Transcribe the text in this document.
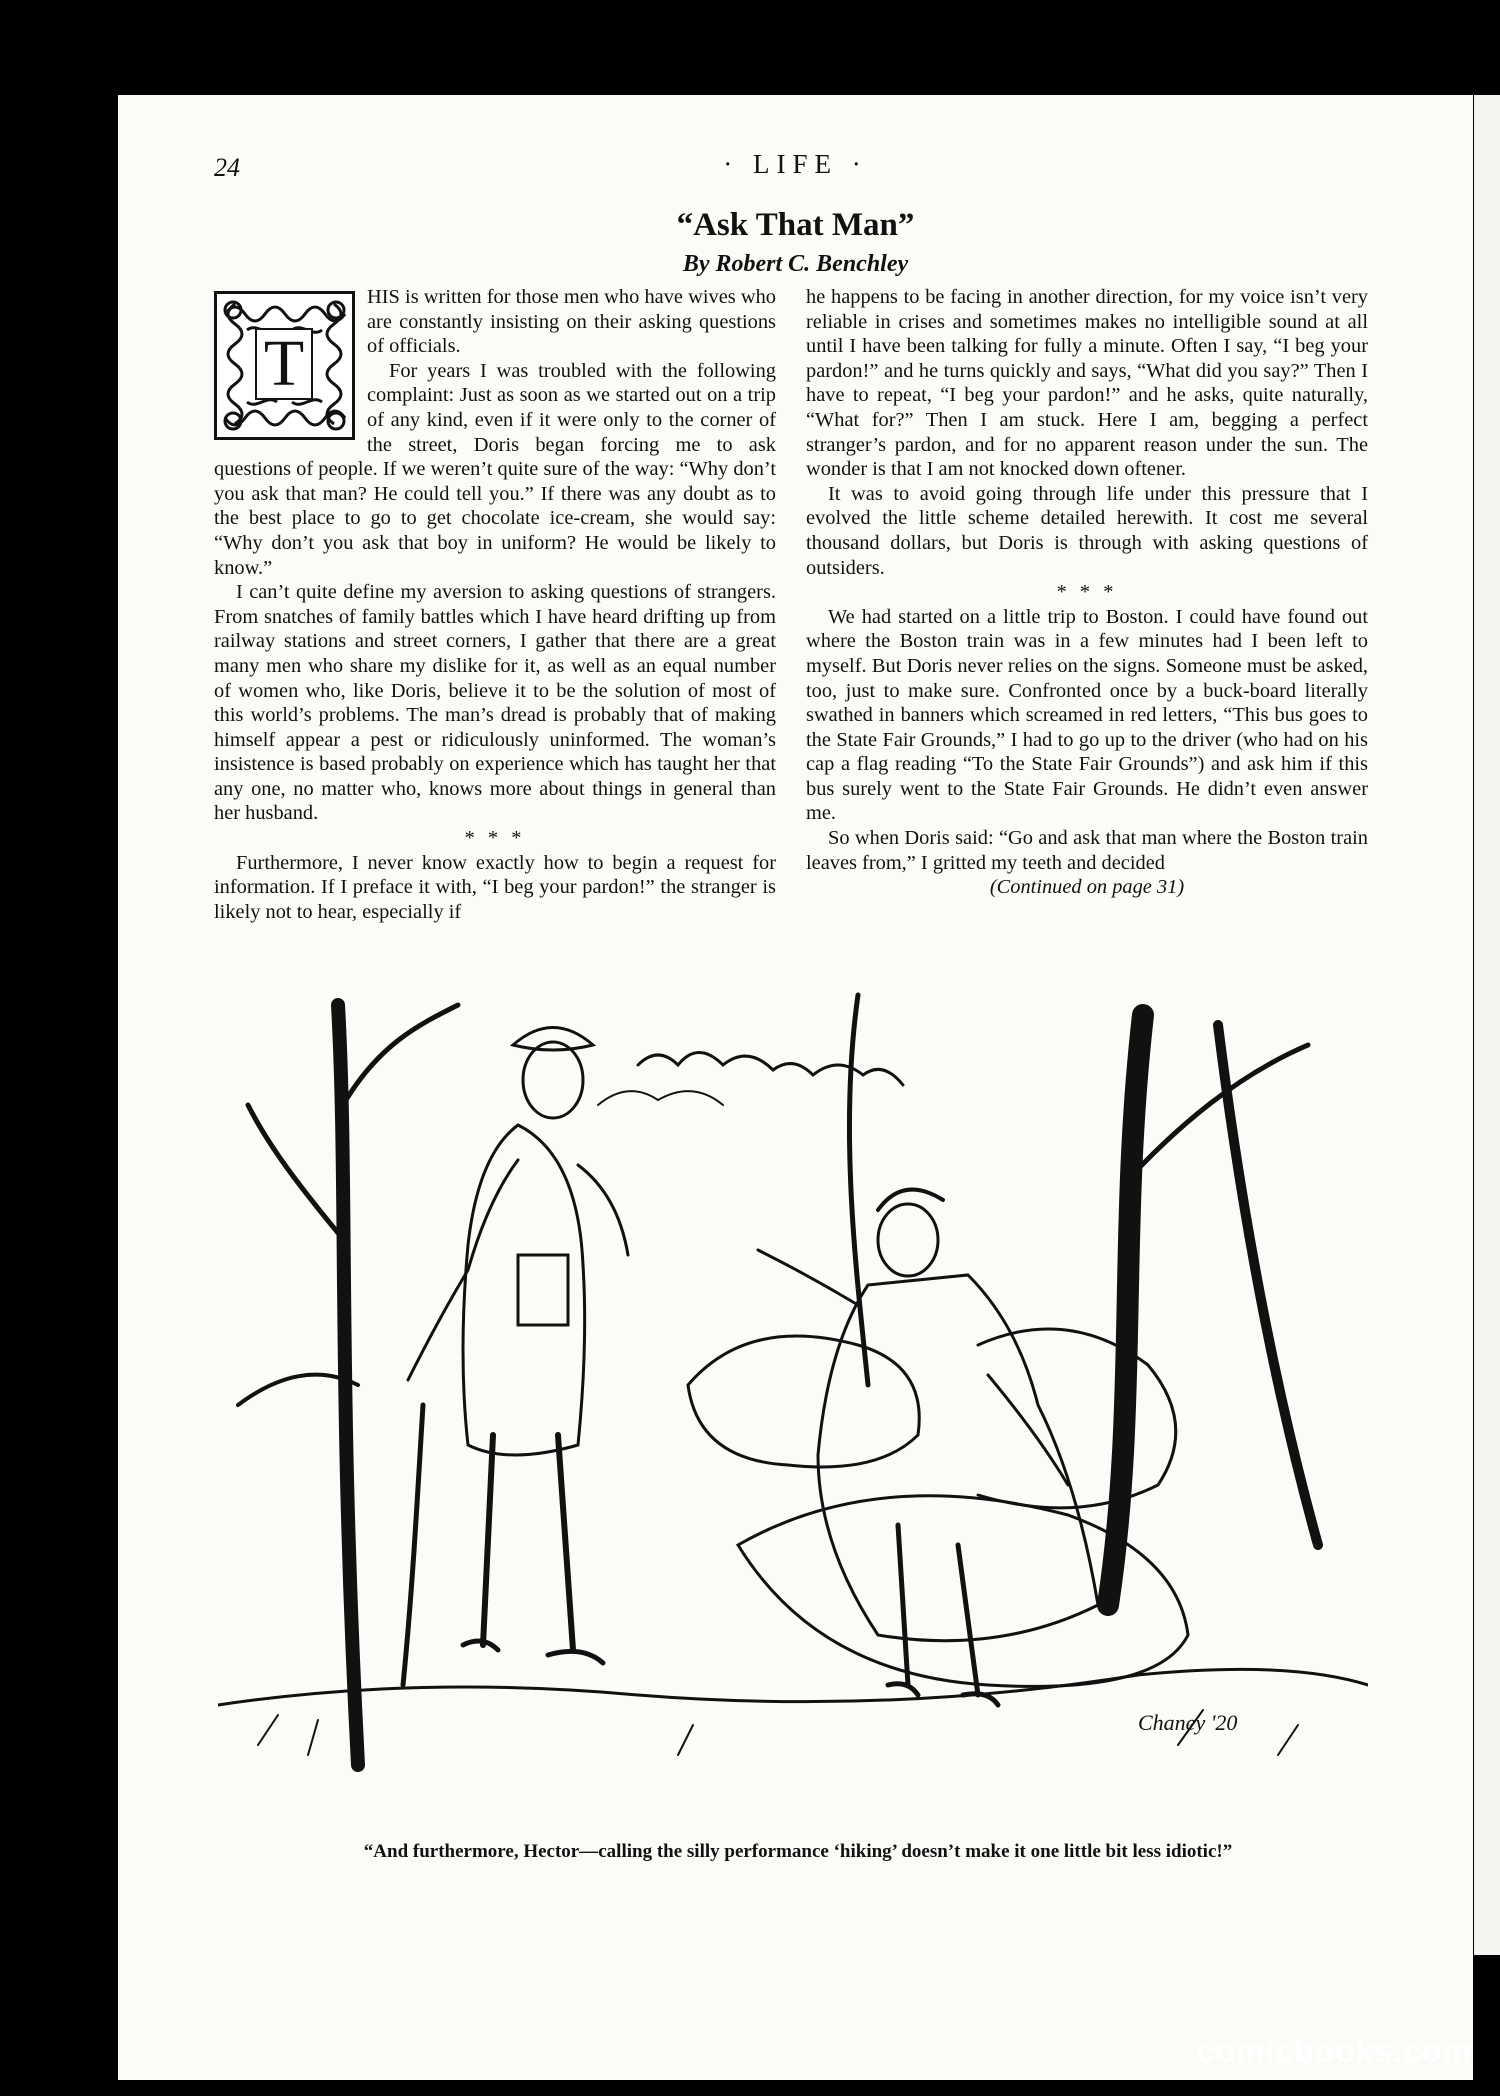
24	· LIFE ·
“Ask That Man”
By Robert C. Benchley
T

HIS is written for those men who have wives who are constantly insisting on their asking questions of officials.

For years I was troubled with the following complaint: Just as soon as we started out on a trip of any kind, even if it were only to the corner of the street, Doris began forcing me to ask questions of people. If we weren’t quite sure of the way: “Why don’t you ask that man? He could tell you.” If there was any doubt as to the best place to go to get chocolate ice-cream, she would say: “Why don’t you ask that boy in uniform? He would be likely to know.”

I can’t quite define my aversion to asking questions of strangers. From snatches of family battles which I have heard drifting up from railway stations and street corners, I gather that there are a great many men who share my dislike for it, as well as an equal number of women who, like Doris, believe it to be the solution of most of this world’s problems. The man’s dread is probably that of making himself appear a pest or ridiculously uninformed. The woman’s insistence is based probably on experience which has taught her that any one, no matter who, knows more about things in general than her husband.

* * *

Furthermore, I never know exactly how to begin a request for information. If I preface it with, “I beg your pardon!” the stranger is likely not to hear, especially if

he happens to be facing in another direction, for my voice isn’t very reliable in crises and sometimes makes no intelligible sound at all until I have been talking for fully a minute. Often I say, “I beg your pardon!” and he turns quickly and says, “What did you say?” Then I have to repeat, “I beg your pardon!” and he asks, quite naturally, “What for?” Then I am stuck. Here I am, begging a perfect stranger’s pardon, and for no apparent reason under the sun. The wonder is that I am not knocked down oftener.

It was to avoid going through life under this pressure that I evolved the little scheme detailed herewith. It cost me several thousand dollars, but Doris is through with asking questions of outsiders.

* * *

We had started on a little trip to Boston. I could have found out where the Boston train was in a few minutes had I been left to myself. But Doris never relies on the signs. Someone must be asked, too, just to make sure. Confronted once by a buck-board literally swathed in banners which screamed in red letters, “This bus goes to the State Fair Grounds,” I had to go up to the driver (who had on his cap a flag reading “To the State Fair Grounds”) and ask him if this bus surely went to the State Fair Grounds. He didn’t even answer me.

So when Doris said: “Go and ask that man where the Boston train leaves from,” I gritted my teeth and decided

(Continued on page 31)

Chaney '20
“And furthermore, Hector—calling the silly performance ‘hiking’ doesn’t make it one little bit less idiotic!”
comicbooks.com
